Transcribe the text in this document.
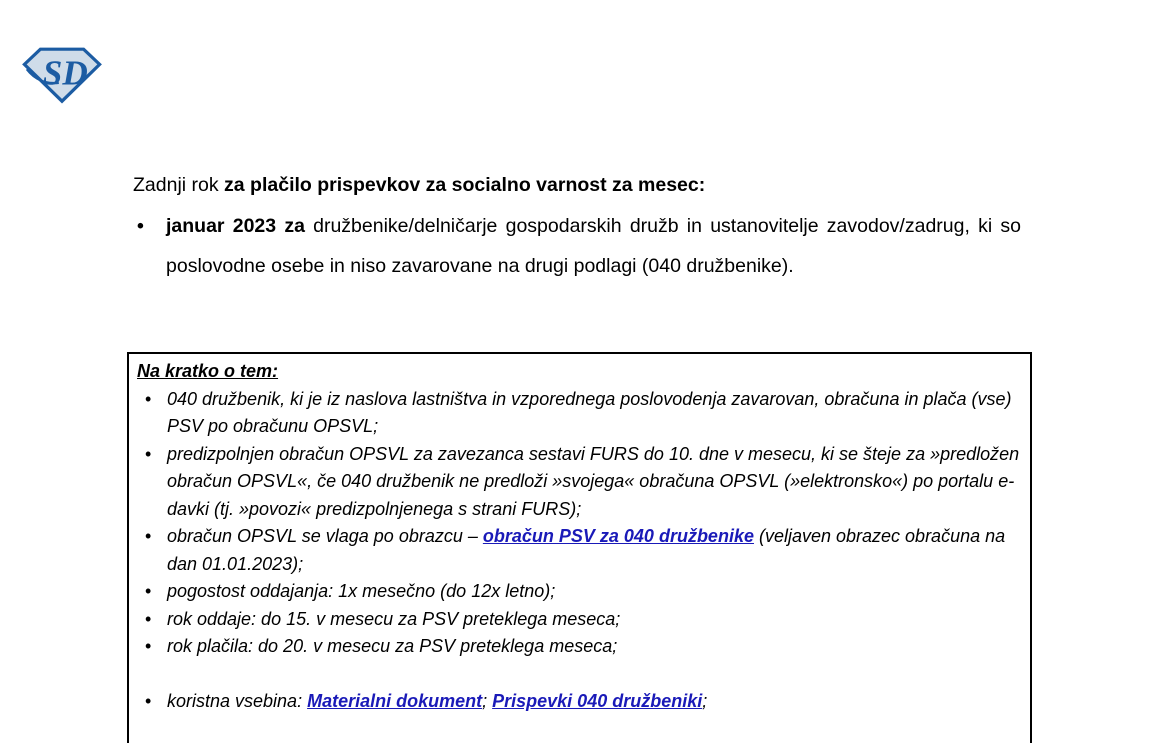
SD

Zadnji rok za plačilo prispevkov za socialno varnost za mesec:

• januar 2023 za družbenike/delničarje gospodarskih družb in ustanovitelje zavodov/zadrug, ki so poslovodne osebe in niso zavarovane na drugi podlagi (040 družbenike).
Na kratko o tem:
• 040 družbenik, ki je iz naslova lastništva in vzporednega poslovodenja zavarovan, obračuna in plača (vse) PSV po obračunu OPSVL;
• predizpolnjen obračun OPSVL za zavezanca sestavi FURS do 10. dne v mesecu, ki se šteje za »predložen obračun OPSVL«, če 040 družbenik ne predloži »svojega« obračuna OPSVL (»elektronsko«) po portalu e-davki (tj. »povozi« predizpolnjenega s strani FURS);
• obračun OPSVL se vlaga po obrazcu – obračun PSV za 040 družbenike (veljaven obrazec obračuna na dan 01.01.2023);
• pogostost oddajanja: 1x mesečno (do 12x letno);
• rok oddaje: do 15. v mesecu za PSV preteklega meseca;
• rok plačila: do 20. v mesecu za PSV preteklega meseca;
• koristna vsebina: Materialni dokument; Prispevki 040 družbeniki;
